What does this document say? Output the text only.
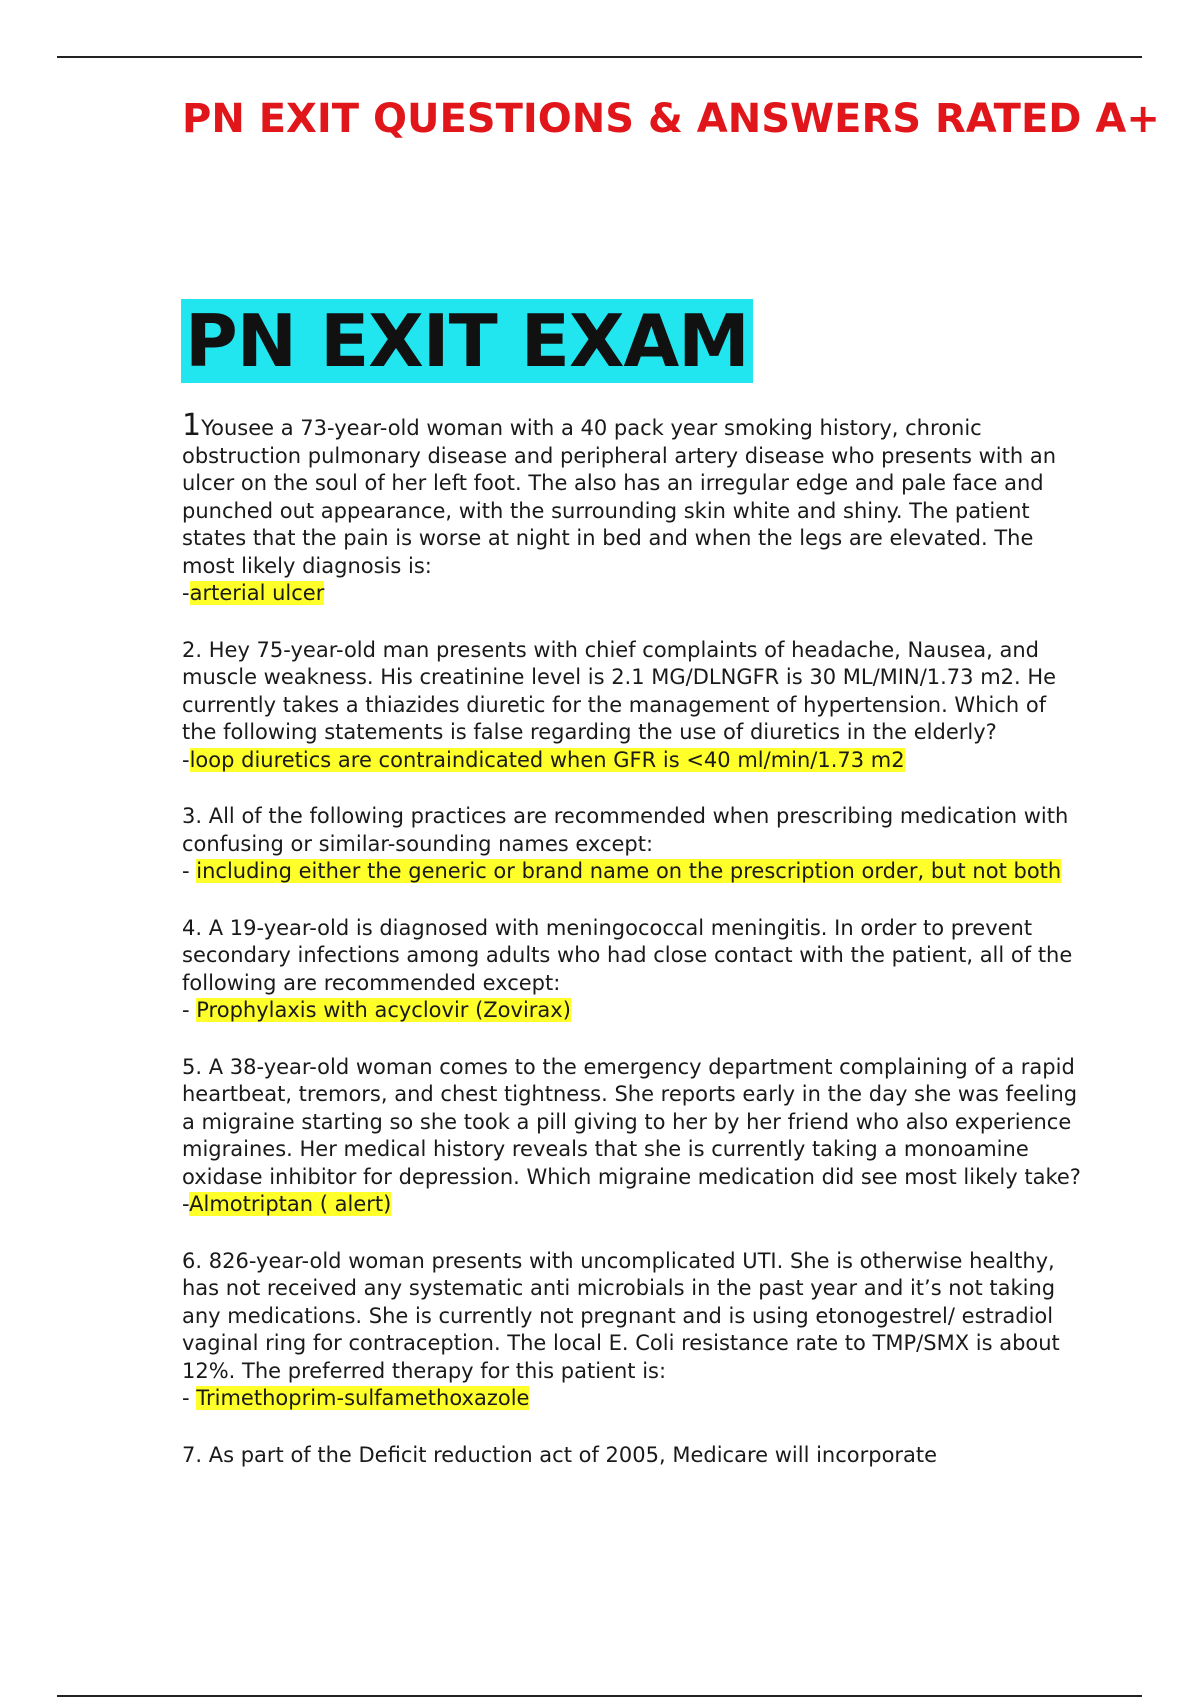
PN EXIT QUESTIONS & ANSWERS RATED A+
PN EXIT EXAM
1Yousee a 73-year-old woman with a 40 pack year smoking history, chronic obstruction pulmonary disease and peripheral artery disease who presents with an ulcer on the soul of her left foot. The also has an irregular edge and pale face and punched out appearance, with the surrounding skin white and shiny. The patient states that the pain is worse at night in bed and when the legs are elevated. The most likely diagnosis is:
-arterial ulcer
2. Hey 75-year-old man presents with chief complaints of headache, Nausea, and muscle weakness. His creatinine level is 2.1 MG/DLNGFR is 30 ML/MIN/1.73 m2. He currently takes a thiazides diuretic for the management of hypertension. Which of the following statements is false regarding the use of diuretics in the elderly?
-loop diuretics are contraindicated when GFR is <40 ml/min/1.73 m2
3. All of the following practices are recommended when prescribing medication with confusing or similar-sounding names except:
- including either the generic or brand name on the prescription order, but not both
4. A 19-year-old is diagnosed with meningococcal meningitis. In order to prevent secondary infections among adults who had close contact with the patient, all of the following are recommended except:
- Prophylaxis with acyclovir (Zovirax)
5. A 38-year-old woman comes to the emergency department complaining of a rapid heartbeat, tremors, and chest tightness. She reports early in the day she was feeling a migraine starting so she took a pill giving to her by her friend who also experience migraines. Her medical history reveals that she is currently taking a monoamine oxidase inhibitor for depression. Which migraine medication did see most likely take?
-Almotriptan ( alert)
6. 826-year-old woman presents with uncomplicated UTI. She is otherwise healthy, has not received any systematic anti microbials in the past year and it’s not taking any medications. She is currently not pregnant and is using etonogestrel/ estradiol vaginal ring for contraception. The local E. Coli resistance rate to TMP/SMX is about 12%. The preferred therapy for this patient is:
- Trimethoprim-sulfamethoxazole
7. As part of the Deficit reduction act of 2005, Medicare will incorporate
